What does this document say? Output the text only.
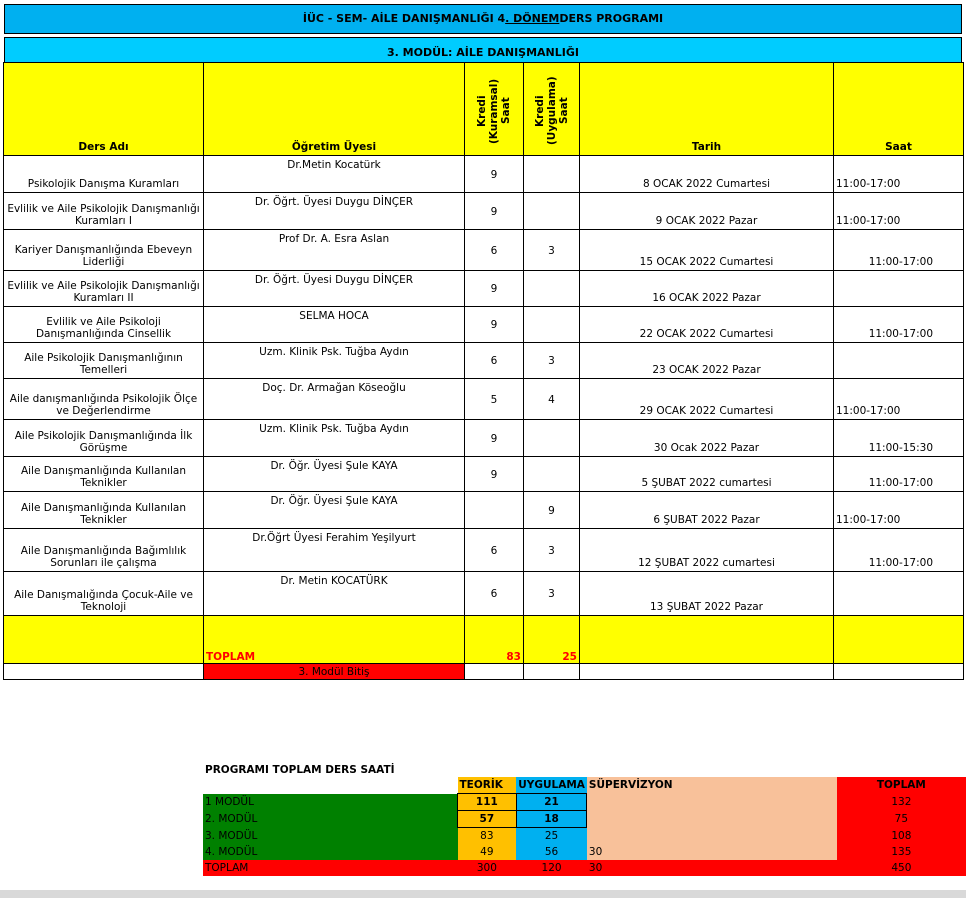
İÜC - SEM- AİLE DANIŞMANLIĞI 4 . DÖNEM DERS PROGRAMI
3. MODÜL: AİLE DANIŞMANLIĞI
Ders Adı	Öğretim Üyesi	Kredi (Kuramsal) Saat	Kredi (Uygulama) Saat	Tarih	Saat
Psikolojik Danışma Kuramları	Dr.Metin Kocatürk	9		8 OCAK 2022 Cumartesi	11:00-17:00
Evlilik ve Aile Psikolojik Danışmanlığı Kuramları I	Dr. Öğrt. Üyesi Duygu DİNÇER	9		9 OCAK 2022 Pazar	11:00-17:00
Kariyer Danışmanlığında Ebeveyn Liderliği	Prof Dr. A. Esra Aslan	6	3	15 OCAK 2022 Cumartesi	11:00-17:00
Evlilik ve Aile Psikolojik Danışmanlığı Kuramları II	Dr. Öğrt. Üyesi Duygu DİNÇER	9		16 OCAK 2022 Pazar	
Evlilik ve Aile Psikoloji Danışmanlığında Cinsellik	SELMA HOCA	9		22 OCAK 2022 Cumartesi	11:00-17:00
Aile Psikolojik Danışmanlığının Temelleri	Uzm. Klinik Psk. Tuğba Aydın	6	3	23 OCAK 2022 Pazar	
Aile danışmanlığında Psikolojik Ölçe ve Değerlendirme	Doç. Dr. Armağan Köseoğlu	5	4	29 OCAK 2022 Cumartesi	11:00-17:00
Aile Psikolojik Danışmanlığında İlk Görüşme	Uzm. Klinik Psk. Tuğba Aydın	9		30 Ocak 2022 Pazar	11:00-15:30
Aile Danışmanlığında Kullanılan Teknikler	Dr. Öğr. Üyesi Şule KAYA	9		5 ŞUBAT 2022 cumartesi	11:00-17:00
Aile Danışmanlığında Kullanılan Teknikler	Dr. Öğr. Üyesi Şule KAYA		9	6 ŞUBAT 2022 Pazar	11:00-17:00
Aile Danışmanlığında Bağımlılık Sorunları ile çalışma	Dr.Öğrt Üyesi Ferahim Yeşilyurt	6	3	12 ŞUBAT 2022 cumartesi	11:00-17:00
Aile Danışmalığında Çocuk-Aile ve Teknoloji	Dr. Metin KOCATÜRK	6	3	13 ŞUBAT 2022 Pazar	
	TOPLAM	83	25		
	3. Modül Bitiş				
PROGRAMI TOPLAM DERS SAATİ
	TEORİK	UYGULAMA	SÜPERVİZYON	TOPLAM
1 MODÜL	111	21		132
2. MODÜL	57	18		75
3. MODÜL	83	25		108
4. MODÜL	49	56	30	135
TOPLAM	300	120	30	450
